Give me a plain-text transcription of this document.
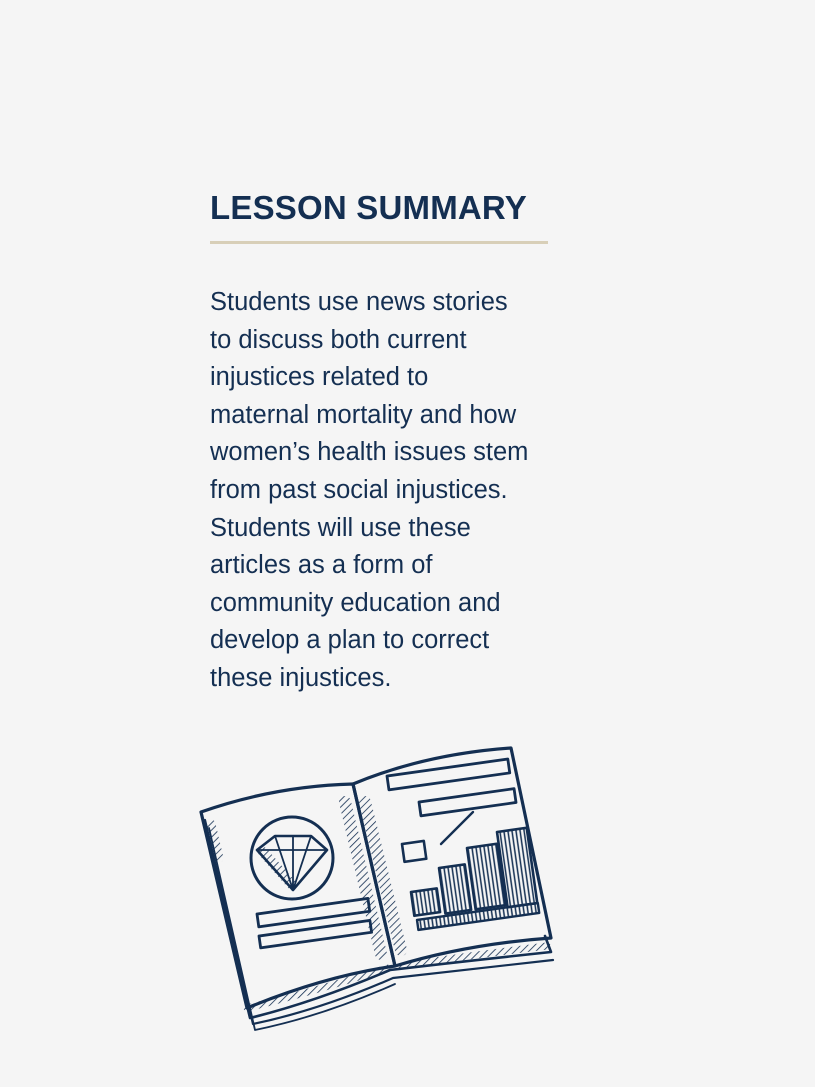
LESSON SUMMARY

Students use news stories
to discuss both current
injustices related to
maternal mortality and how
women’s health issues stem
from past social injustices.
Students will use these
articles as a form of
community education and
develop a plan to correct
these injustices.
